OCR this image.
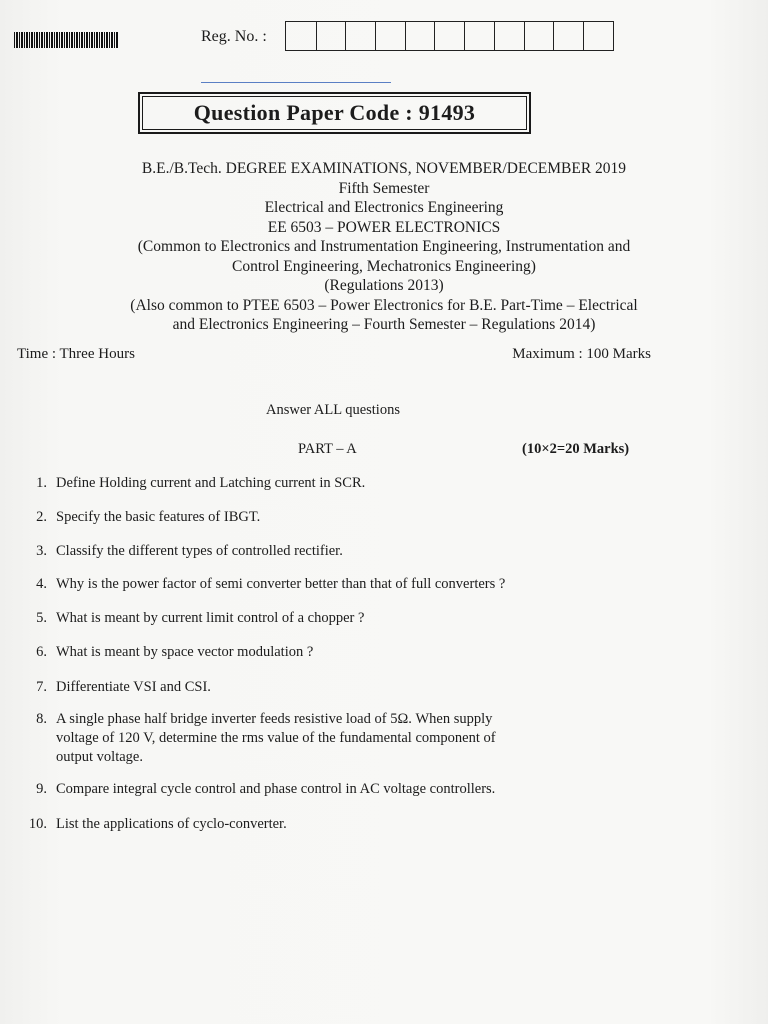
Reg. No. :
Question Paper Code : 91493
B.E./B.Tech. DEGREE EXAMINATIONS, NOVEMBER/DECEMBER 2019
Fifth Semester
Electrical and Electronics Engineering
EE 6503 – POWER ELECTRONICS
(Common to Electronics and Instrumentation Engineering, Instrumentation and
Control Engineering, Mechatronics Engineering)
(Regulations 2013)
(Also common to PTEE 6503 – Power Electronics for B.E. Part-Time – Electrical
and Electronics Engineering – Fourth Semester – Regulations 2014)
Time : Three Hours	Maximum : 100 Marks
Answer ALL questions
PART – A	(10×2=20 Marks)
1. Define Holding current and Latching current in SCR.
2. Specify the basic features of IBGT.
3. Classify the different types of controlled rectifier.
4. Why is the power factor of semi converter better than that of full converters ?
5. What is meant by current limit control of a chopper ?
6. What is meant by space vector modulation ?
7. Differentiate VSI and CSI.
8. A single phase half bridge inverter feeds resistive load of 5Ω. When supply
voltage of 120 V, determine the rms value of the fundamental component of
output voltage.
9. Compare integral cycle control and phase control in AC voltage controllers.
10. List the applications of cyclo-converter.
